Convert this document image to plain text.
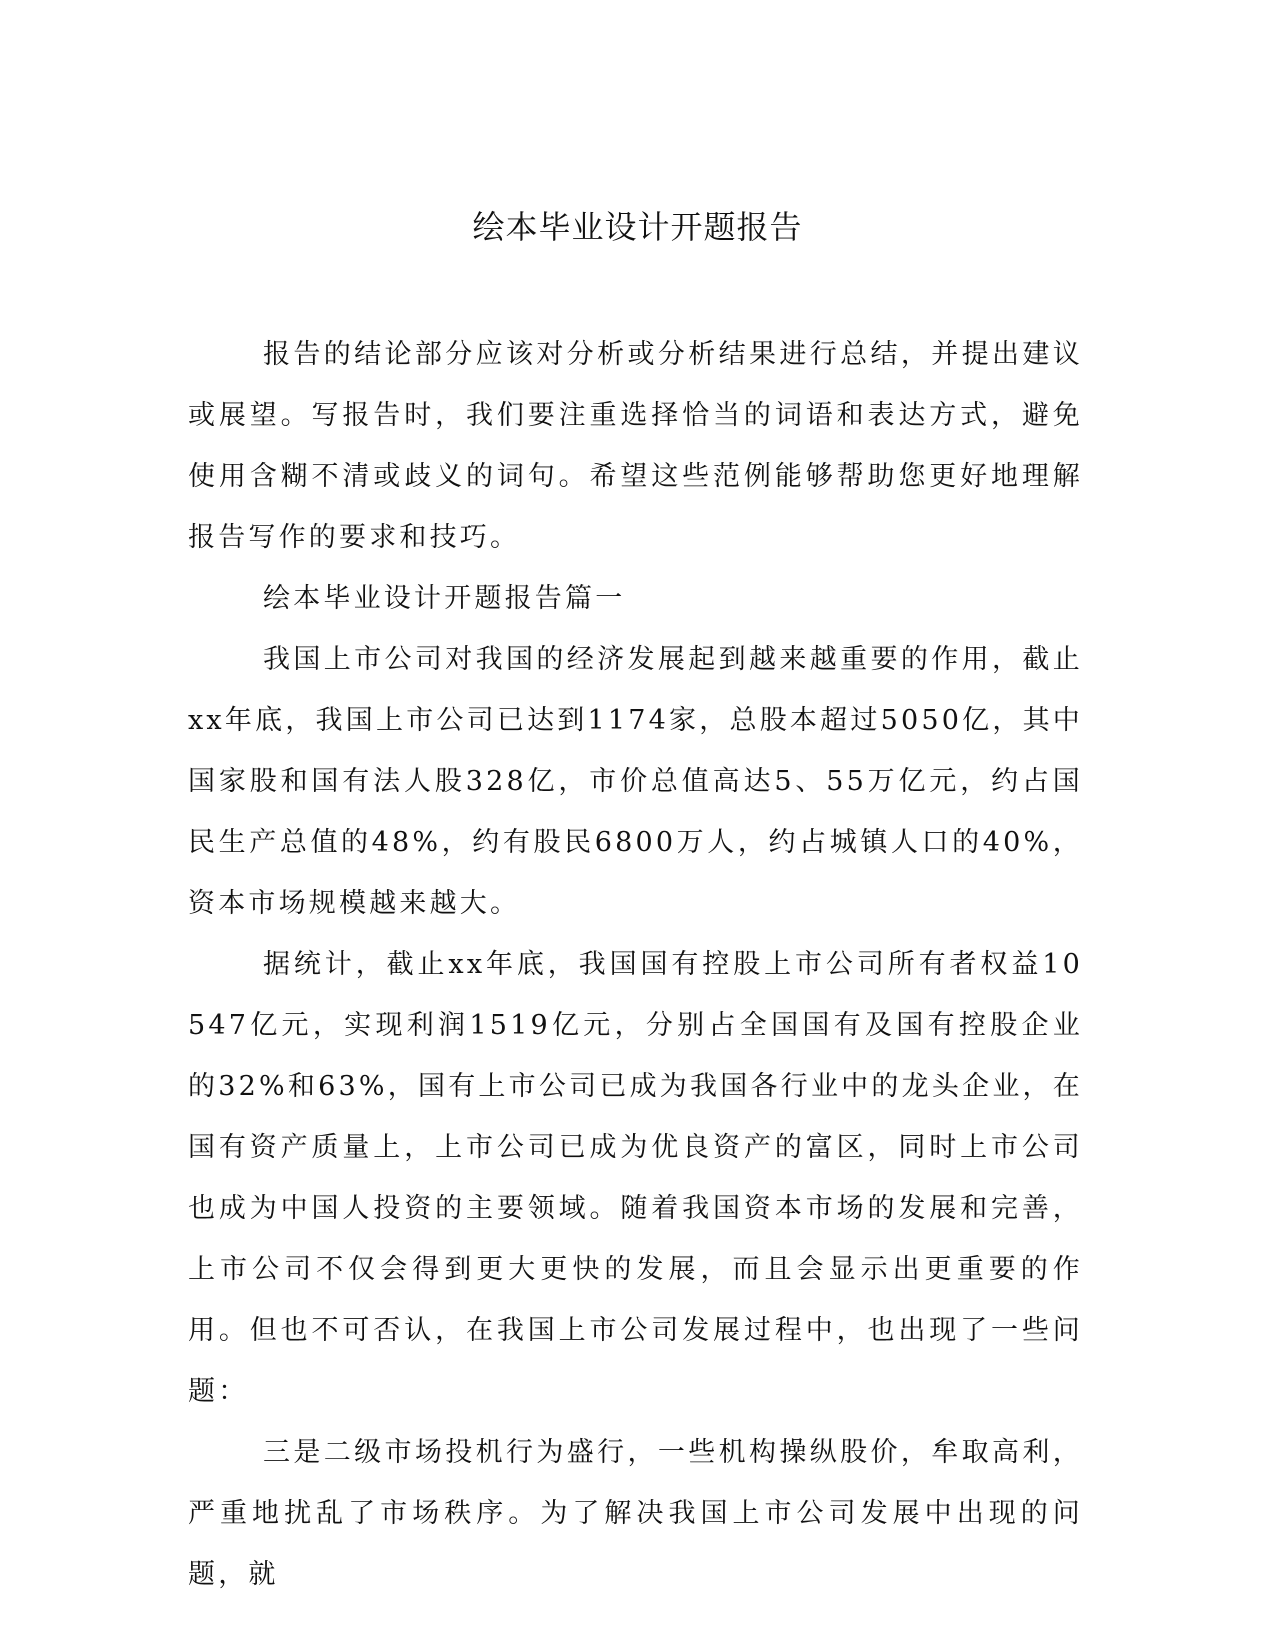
绘本毕业设计开题报告

报告的结论部分应该对分析或分析结果进行总结，并提出建议或展望。写报告时，我们要注重选择恰当的词语和表达方式，避免使用含糊不清或歧义的词句。希望这些范例能够帮助您更好地理解报告写作的要求和技巧。

绘本毕业设计开题报告篇一

我国上市公司对我国的经济发展起到越来越重要的作用，截止xx年底，我国上市公司已达到1174家，总股本超过5050亿，其中国家股和国有法人股328亿，市价总值高达5、55万亿元，约占国民生产总值的48%，约有股民6800万人，约占城镇人口的40%，资本市场规模越来越大。

据统计，截止xx年底，我国国有控股上市公司所有者权益10547亿元，实现利润1519亿元，分别占全国国有及国有控股企业的32%和63%，国有上市公司已成为我国各行业中的龙头企业，在国有资产质量上，上市公司已成为优良资产的富区，同时上市公司也成为中国人投资的主要领域。随着我国资本市场的发展和完善，上市公司不仅会得到更大更快的发展，而且会显示出更重要的作用。但也不可否认，在我国上市公司发展过程中，也出现了一些问题：

三是二级市场投机行为盛行，一些机构操纵股价，牟取高利，严重地扰乱了市场秩序。为了解决我国上市公司发展中出现的问题，就
